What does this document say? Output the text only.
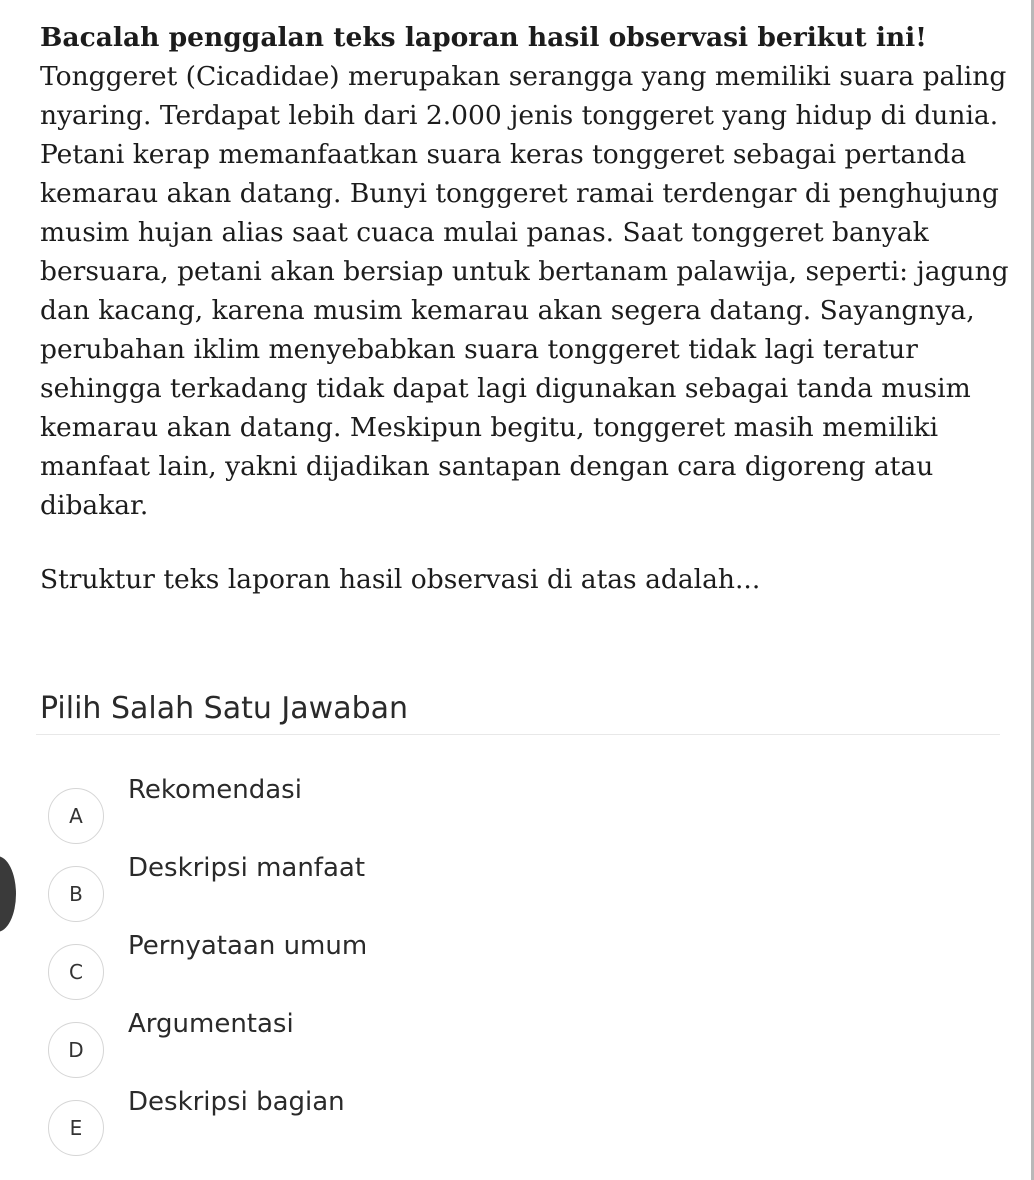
Bacalah penggalan teks laporan hasil observasi berikut ini!

Tonggeret (Cicadidae) merupakan serangga yang memiliki suara paling nyaring. Terdapat lebih dari 2.000 jenis tonggeret yang hidup di dunia. Petani kerap memanfaatkan suara keras tonggeret sebagai pertanda kemarau akan datang. Bunyi tonggeret ramai terdengar di penghujung musim hujan alias saat cuaca mulai panas. Saat tonggeret banyak bersuara, petani akan bersiap untuk bertanam palawija, seperti: jagung dan kacang, karena musim kemarau akan segera datang. Sayangnya, perubahan iklim menyebabkan suara tonggeret tidak lagi teratur sehingga terkadang tidak dapat lagi digunakan sebagai tanda musim kemarau akan datang. Meskipun begitu, tonggeret masih memiliki manfaat lain, yakni dijadikan santapan dengan cara digoreng atau dibakar.

Struktur teks laporan hasil observasi di atas adalah...

Pilih Salah Satu Jawaban
A
Rekomendasi
B
Deskripsi manfaat
C
Pernyataan umum
D
Argumentasi
E
Deskripsi bagian
